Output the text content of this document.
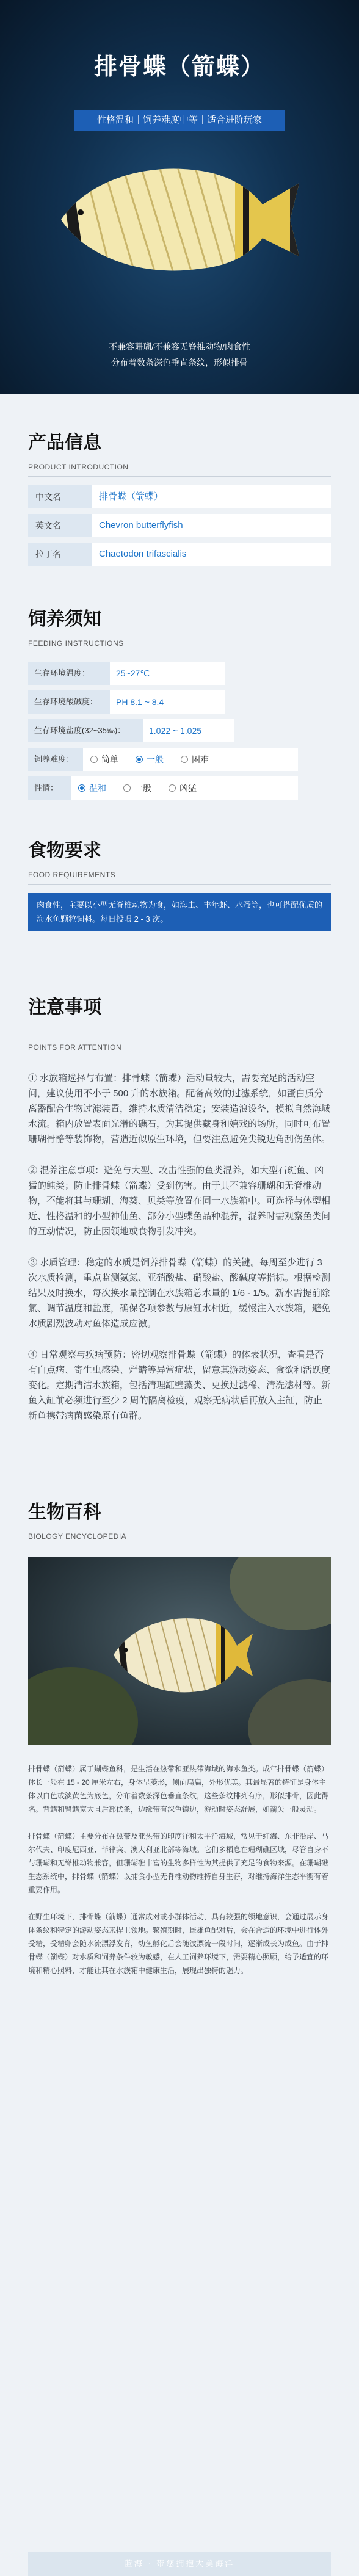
排骨蝶（箭蝶）
性格温和｜饲养难度中等｜适合进阶玩家
不兼容珊瑚/不兼容无脊椎动物/肉食性
分布着数条深色垂直条纹，形似排骨
产品信息
PRODUCT INTRODUCTION
中文名	排骨蝶（箭蝶）
英文名	Chevron butterflyfish
拉丁名	Chaetodon trifascialis
饲养须知
FEEDING INSTRUCTIONS
生存环境温度：	25~27℃
生存环境酸碱度：	PH 8.1 ~ 8.4
生存环境盐度(32~35‰)：	1.022 ~ 1.025
饲养难度：	简单	一般	困难
性情：	温和	一般	凶猛
食物要求
FOOD REQUIREMENTS
肉食性，主要以小型无脊椎动物为食，如海虫、丰年虾、水蚤等，也可搭配优质的海水鱼颗粒饲料。每日投喂 2 - 3 次。
注意事项
POINTS FOR ATTENTION

① 水族箱选择与布置：排骨蝶（箭蝶）活动量较大，需要充足的活动空间，建议使用不小于 500 升的水族箱。配备高效的过滤系统，如蛋白质分离器配合生物过滤装置，维持水质清洁稳定；安装造浪设备，模拟自然海域水流。箱内放置表面光滑的礁石，为其提供藏身和嬉戏的场所，同时可布置珊瑚骨骼等装饰物，营造近似原生环境，但要注意避免尖锐边角刮伤鱼体。

② 混养注意事项：避免与大型、攻击性强的鱼类混养，如大型石斑鱼、凶猛的鲀类；防止排骨蝶（箭蝶）受到伤害。由于其不兼容珊瑚和无脊椎动物，不能将其与珊瑚、海葵、贝类等放置在同一水族箱中。可选择与体型相近、性格温和的小型神仙鱼、部分小型蝶鱼品种混养，混养时需观察鱼类间的互动情况，防止因领地或食物引发冲突。

③ 水质管理：稳定的水质是饲养排骨蝶（箭蝶）的关键。每周至少进行 3 次水质检测，重点监测氨氮、亚硝酸盐、硝酸盐、酸碱度等指标。根据检测结果及时换水，每次换水量控制在水族箱总水量的 1/6 - 1/5。新水需提前除氯、调节温度和盐度，确保各项参数与原缸水相近，缓慢注入水族箱，避免水质剧烈波动对鱼体造成应激。

④ 日常观察与疾病预防：密切观察排骨蝶（箭蝶）的体表状况，查看是否有白点病、寄生虫感染、烂鳍等异常症状，留意其游动姿态、食欲和活跃度变化。定期清洁水族箱，包括清理缸壁藻类、更换过滤棉、清洗滤材等。新鱼入缸前必须进行至少 2 周的隔离检疫，观察无病状后再放入主缸，防止新鱼携带病菌感染原有鱼群。

生物百科
BIOLOGY ENCYCLOPEDIA

排骨蝶（箭蝶）属于蝴蝶鱼科，是生活在热带和亚热带海域的海水鱼类。成年排骨蝶（箭蝶）体长一般在 15 - 20 厘米左右，身体呈菱形，侧面扁扁，外形优美。其最显著的特征是身体主体以白色或淡黄色为底色，分布着数条深色垂直条纹，这些条纹排列有序，形似排骨，因此得名。背鳍和臀鳍宽大且后部伏条，边缘带有深色镶边，游动时姿态舒展，如箭矢一般灵动。

排骨蝶（箭蝶）主要分布在热带及亚热带的印度洋和太平洋海域，常见于红海、东非沿岸、马尔代夫、印度尼西亚、菲律宾、澳大利亚北部等海域。它们多栖息在珊瑚礁区域，尽管自身不与珊瑚和无脊椎动物兼容，但珊瑚礁丰富的生物多样性为其提供了充足的食物来源。在珊瑚礁生态系统中，排骨蝶（箭蝶）以捕食小型无脊椎动物维持自身生存，对维持海洋生态平衡有着重要作用。

在野生环境下，排骨蝶（箭蝶）通常成对或小群体活动，具有较强的领地意识，会通过展示身体条纹和特定的游动姿态来捍卫领地。繁殖期时，雌雄鱼配对后，会在合适的环境中进行体外受精，受精卵会随水流漂浮发育，幼鱼孵化后会随波漂流一段时间，逐渐成长为成鱼。由于排骨蝶（箭蝶）对水质和饲养条件较为敏感，在人工饲养环境下，需要精心照顾，给予适宜的环境和精心照料，才能让其在水族箱中健康生活，展现出独特的魅力。

蓝海 · 带您拥抱大美海洋
